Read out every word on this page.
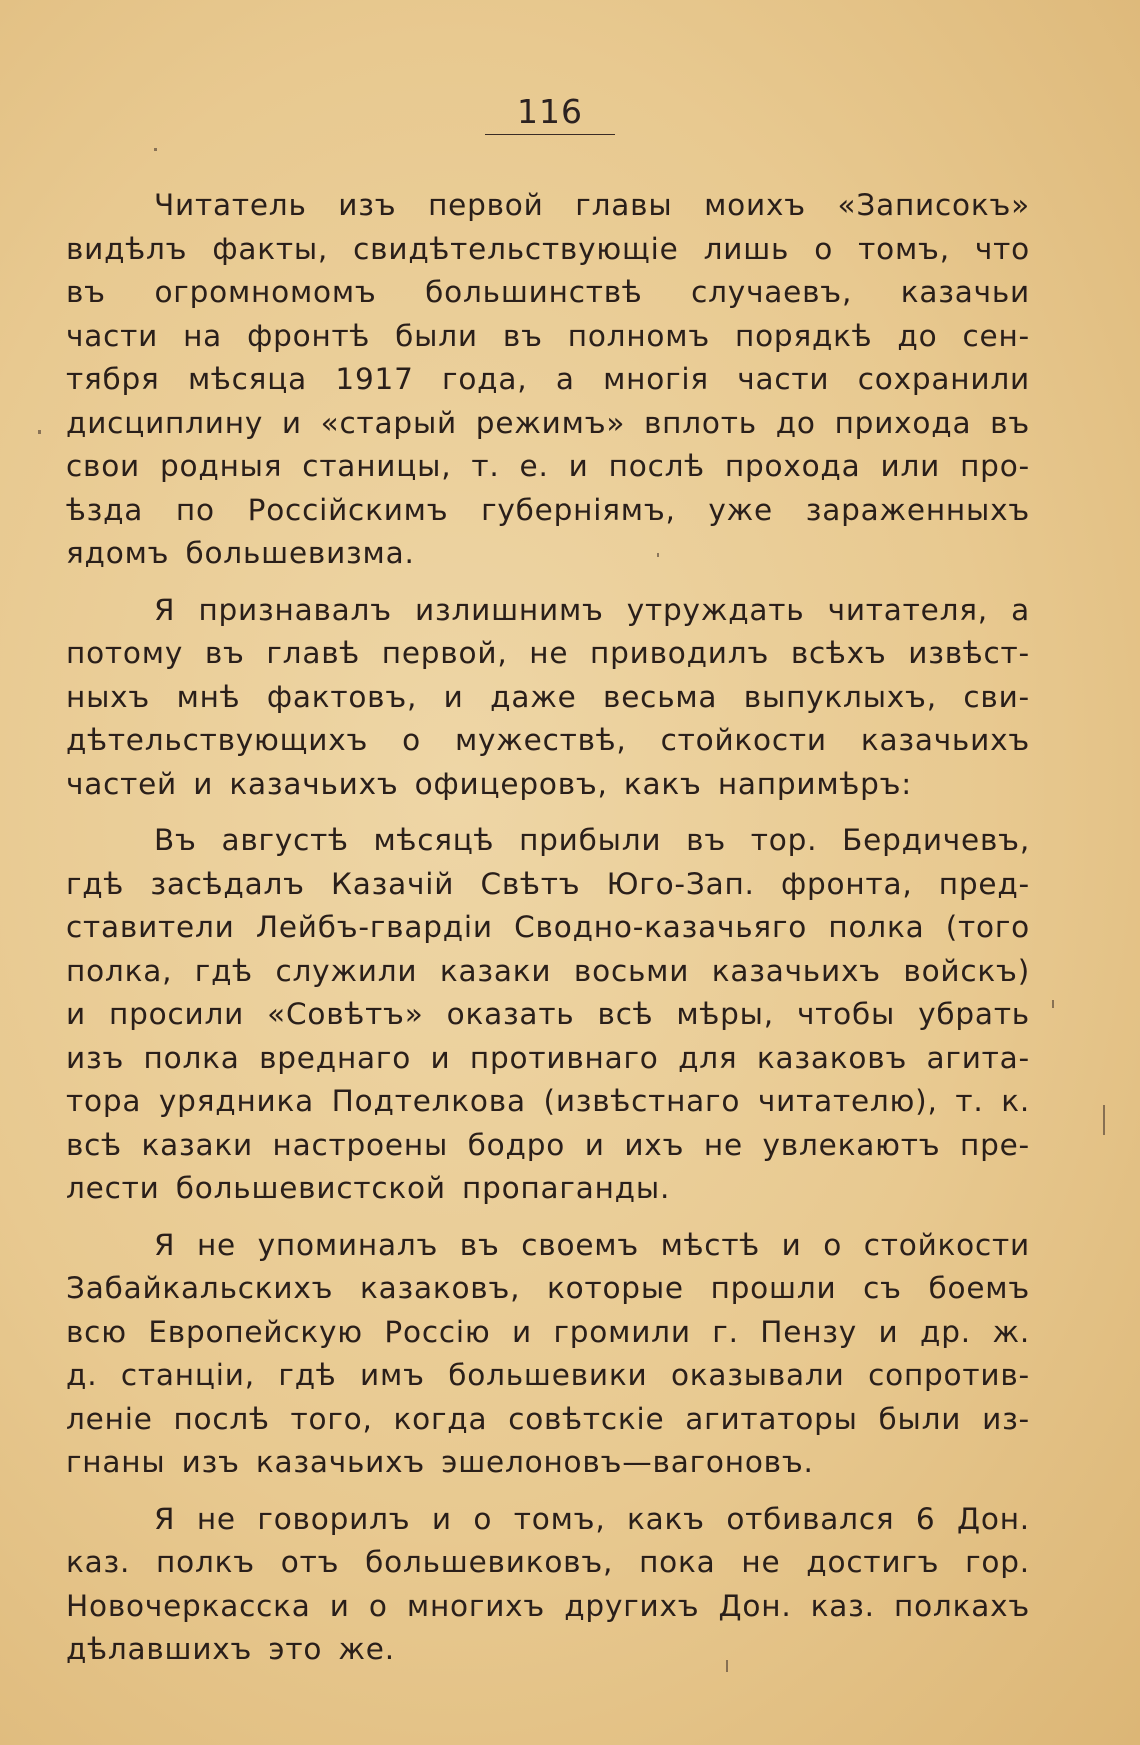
116
Читатель изъ первой главы моихъ «Записокъ»
видѣлъ факты, свидѣтельствующіе лишь о томъ, что
въ огромномомъ большинствѣ случаевъ, казачьи
части на фронтѣ были въ полномъ порядкѣ до сен-
тября мѣсяца 1917 года, а многія части сохранили
дисциплину и «старый режимъ» вплоть до прихода въ
свои родныя станицы, т. е. и послѣ прохода или про-
ѣзда по Россійскимъ губерніямъ, уже зараженныхъ
ядомъ большевизма.
Я признавалъ излишнимъ утруждать читателя, а
потому въ главѣ первой, не приводилъ всѣхъ извѣст-
ныхъ мнѣ фактовъ, и даже весьма выпуклыхъ, сви-
дѣтельствующихъ о мужествѣ, стойкости казачьихъ
частей и казачьихъ офицеровъ, какъ напримѣръ:
Въ августѣ мѣсяцѣ прибыли въ тор. Бердичевъ,
гдѣ засѣдалъ Казачій Свѣтъ Юго-Зап. фронта, пред-
ставители Лейбъ-гвардіи Сводно-казачьяго полка (того
полка, гдѣ служили казаки восьми казачьихъ войскъ)
и просили «Совѣтъ» оказать всѣ мѣры, чтобы убрать
изъ полка вреднаго и противнаго для казаковъ агита-
тора урядника Подтелкова (извѣстнаго читателю), т. к.
всѣ казаки настроены бодро и ихъ не увлекаютъ пре-
лести большевистской пропаганды.
Я не упоминалъ въ своемъ мѣстѣ и о стойкости
Забайкальскихъ казаковъ, которые прошли съ боемъ
всю Европейскую Россію и громили г. Пензу и др. ж.
д. станціи, гдѣ имъ большевики оказывали сопротив-
леніе послѣ того, когда совѣтскіе агитаторы были из-
гнаны изъ казачьихъ эшелоновъ—вагоновъ.
Я не говорилъ и о томъ, какъ отбивался 6 Дон.
каз. полкъ отъ большевиковъ, пока не достигъ гор.
Новочеркасска и о многихъ другихъ Дон. каз. полкахъ
дѣлавшихъ это же.
